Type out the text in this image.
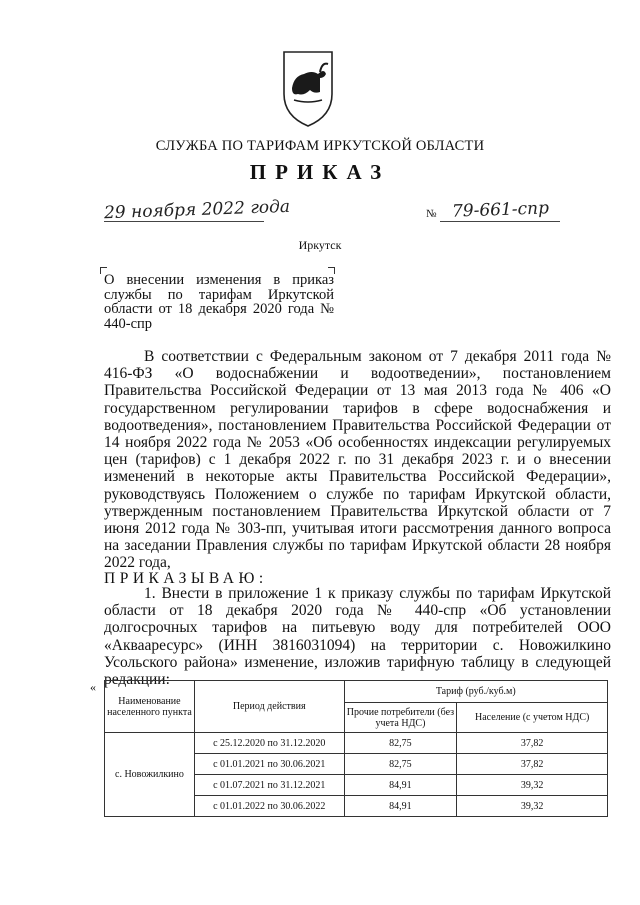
СЛУЖБА ПО ТАРИФАМ ИРКУТСКОЙ ОБЛАСТИ
ПРИКАЗ
29 ноября 2022 года	№ 79-661-спр
Иркутск
О внесении изменения в приказ службы по тарифам Иркутской области от 18 декабря 2020 года № 440-спр
В соответствии с Федеральным законом от 7 декабря 2011 года № 416-ФЗ «О водоснабжении и водоотведении», постановлением Правительства Российской Федерации от 13 мая 2013 года № 406 «О государственном регулировании тарифов в сфере водоснабжения и водоотведения», постановлением Правительства Российской Федерации от 14 ноября 2022 года № 2053 «Об особенностях индексации регулируемых цен (тарифов) с 1 декабря 2022 г. по 31 декабря 2023 г. и о внесении изменений в некоторые акты Правительства Российской Федерации», руководствуясь Положением о службе по тарифам Иркутской области, утвержденным постановлением Правительства Иркутской области от 7 июня 2012 года № 303-пп, учитывая итоги рассмотрения данного вопроса на заседании Правления службы по тарифам Иркутской области 28 ноября 2022 года,
ПРИКАЗЫВАЮ:
1. Внести в приложение 1 к приказу службы по тарифам Иркутской области от 18 декабря 2020 года № 440-спр «Об установлении долгосрочных тарифов на питьевую воду для потребителей ООО «Аквааресурс» (ИНН 3816031094) на территории с. Новожилкино Усольского района» изменение, изложив тарифную таблицу в следующей редакции:
«
Наименование населенного пункта	Период действия	Тариф (руб./куб.м)	
		Прочие потребители (без учета НДС)	Население (с учетом НДС)
с. Новожилкино	с 25.12.2020 по 31.12.2020	82,75	37,82
	с 01.01.2021 по 30.06.2021	82,75	37,82
	с 01.07.2021 по 31.12.2021	84,91	39,32
	с 01.01.2022 по 30.06.2022	84,91	39,32
